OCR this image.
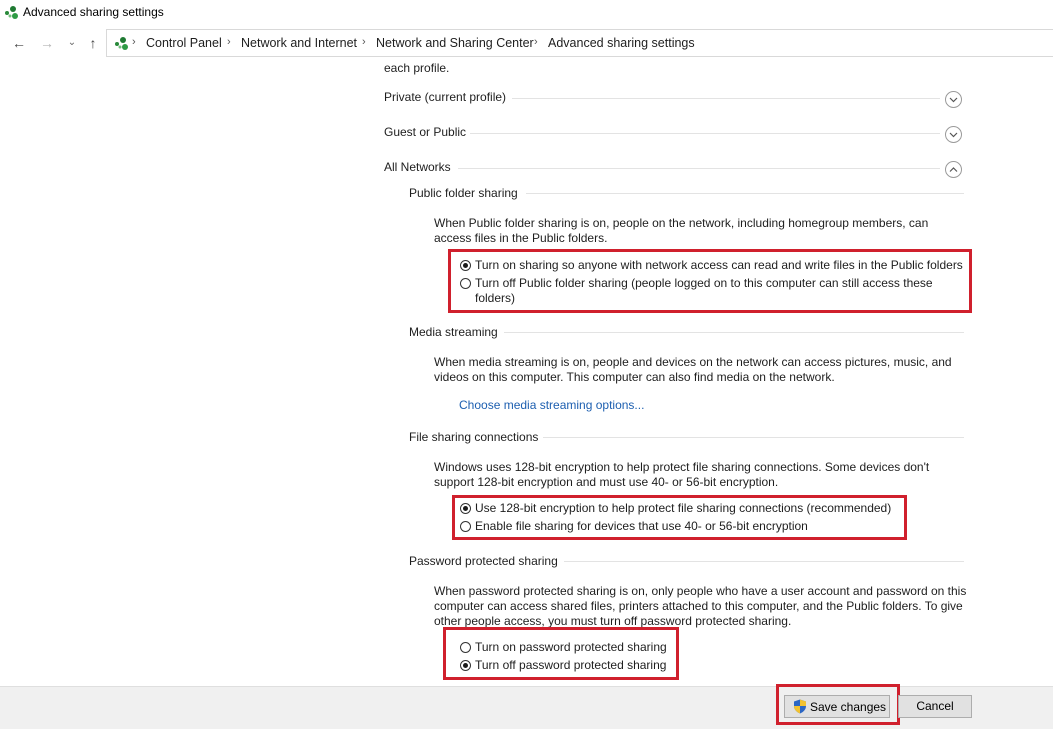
Advanced sharing settings
← →	⌄ ↑	› Control Panel › Network and Internet › Network and Sharing Center › Advanced sharing settings
each profile.
Private (current profile)
Guest or Public
All Networks
Public folder sharing
When Public folder sharing is on, people on the network, including homegroup members, can
access files in the Public folders.
Turn on sharing so anyone with network access can read and write files in the Public folders
Turn off Public folder sharing (people logged on to this computer can still access these
folders)
Media streaming
When media streaming is on, people and devices on the network can access pictures, music, and
videos on this computer. This computer can also find media on the network.
Choose media streaming options...
File sharing connections
Windows uses 128-bit encryption to help protect file sharing connections. Some devices don't
support 128-bit encryption and must use 40- or 56-bit encryption.
Use 128-bit encryption to help protect file sharing connections (recommended)
Enable file sharing for devices that use 40- or 56-bit encryption
Password protected sharing
When password protected sharing is on, only people who have a user account and password on this
computer can access shared files, printers attached to this computer, and the Public folders. To give
other people access, you must turn off password protected sharing.
Turn on password protected sharing
Turn off password protected sharing
Save changes	Cancel
